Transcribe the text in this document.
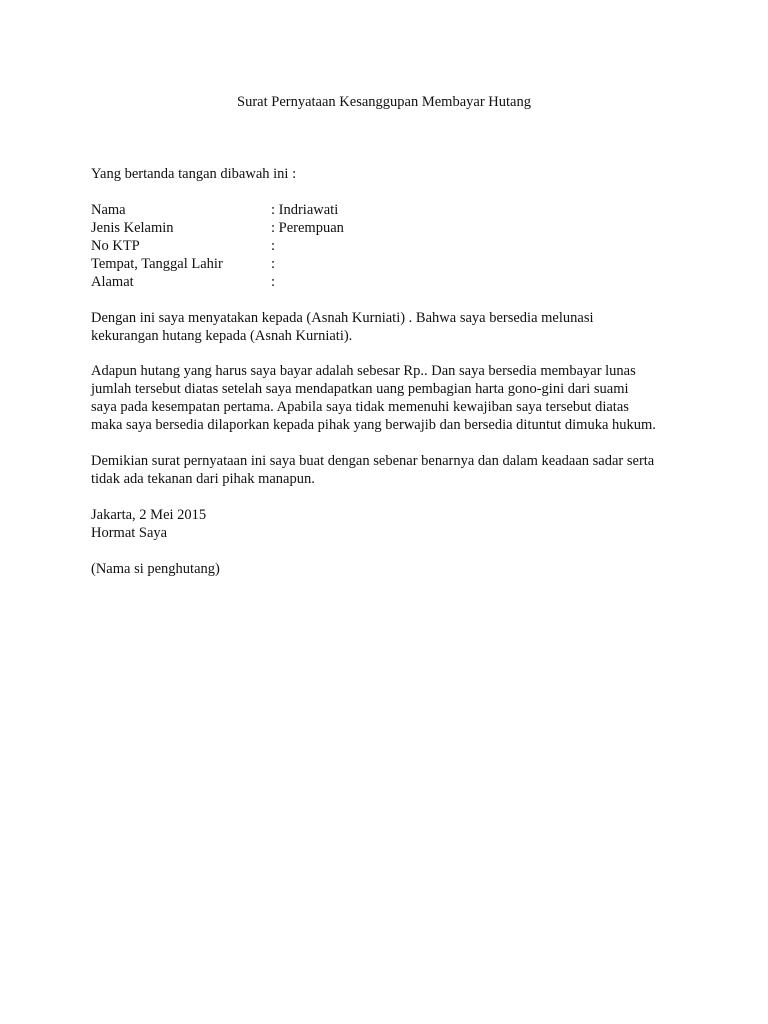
Surat Pernyataan Kesanggupan Membayar Hutang

Yang bertanda tangan dibawah ini :

Nama	: Indriawati
Jenis Kelamin	: Perempuan
No KTP	:
Tempat, Tanggal Lahir	:
Alamat	:

Dengan ini saya menyatakan kepada (Asnah Kurniati) . Bahwa saya bersedia melunasi

kekurangan hutang kepada (Asnah Kurniati).

Adapun hutang yang harus saya bayar adalah sebesar Rp.. Dan saya bersedia membayar lunas

jumlah tersebut diatas setelah saya mendapatkan uang pembagian harta gono-gini dari suami

saya pada kesempatan pertama. Apabila saya tidak memenuhi kewajiban saya tersebut diatas

maka saya bersedia dilaporkan kepada pihak yang berwajib dan bersedia dituntut dimuka hukum.

Demikian surat pernyataan ini saya buat dengan sebenar benarnya dan dalam keadaan sadar serta

tidak ada tekanan dari pihak manapun.

Jakarta, 2 Mei 2015

Hormat Saya

(Nama si penghutang)
